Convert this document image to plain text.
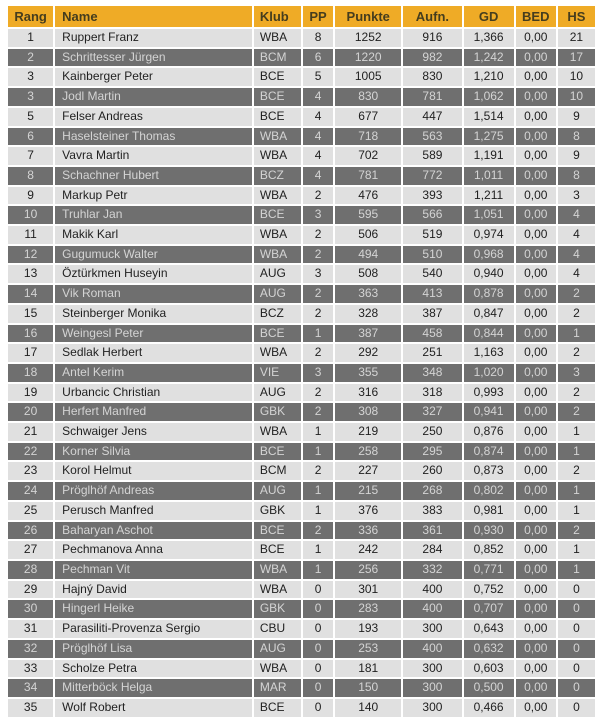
Rang	Name	Klub	PP	Punkte	Aufn.	GD	BED	HS
1	Ruppert Franz	WBA	8	1252	916	1,366	0,00	21
2	Schrittesser Jürgen	BCM	6	1220	982	1,242	0,00	17
3	Kainberger Peter	BCE	5	1005	830	1,210	0,00	10
3	Jodl Martin	BCE	4	830	781	1,062	0,00	10
5	Felser Andreas	BCE	4	677	447	1,514	0,00	9
6	Haselsteiner Thomas	WBA	4	718	563	1,275	0,00	8
7	Vavra Martin	WBA	4	702	589	1,191	0,00	9
8	Schachner Hubert	BCZ	4	781	772	1,011	0,00	8
9	Markup Petr	WBA	2	476	393	1,211	0,00	3
10	Truhlar Jan	BCE	3	595	566	1,051	0,00	4
11	Makik Karl	WBA	2	506	519	0,974	0,00	4
12	Gugumuck Walter	WBA	2	494	510	0,968	0,00	4
13	Öztürkmen Huseyin	AUG	3	508	540	0,940	0,00	4
14	Vik Roman	AUG	2	363	413	0,878	0,00	2
15	Steinberger Monika	BCZ	2	328	387	0,847	0,00	2
16	Weingesl Peter	BCE	1	387	458	0,844	0,00	1
17	Sedlak Herbert	WBA	2	292	251	1,163	0,00	2
18	Antel Kerim	VIE	3	355	348	1,020	0,00	3
19	Urbancic Christian	AUG	2	316	318	0,993	0,00	2
20	Herfert Manfred	GBK	2	308	327	0,941	0,00	2
21	Schwaiger Jens	WBA	1	219	250	0,876	0,00	1
22	Korner Silvia	BCE	1	258	295	0,874	0,00	1
23	Korol Helmut	BCM	2	227	260	0,873	0,00	2
24	Pröglhöf Andreas	AUG	1	215	268	0,802	0,00	1
25	Perusch Manfred	GBK	1	376	383	0,981	0,00	1
26	Baharyan Aschot	BCE	2	336	361	0,930	0,00	2
27	Pechmanova Anna	BCE	1	242	284	0,852	0,00	1
28	Pechman Vit	WBA	1	256	332	0,771	0,00	1
29	Hajný David	WBA	0	301	400	0,752	0,00	0
30	Hingerl Heike	GBK	0	283	400	0,707	0,00	0
31	Parasiliti-Provenza Sergio	CBU	0	193	300	0,643	0,00	0
32	Pröglhöf Lisa	AUG	0	253	400	0,632	0,00	0
33	Scholze Petra	WBA	0	181	300	0,603	0,00	0
34	Mitterböck Helga	MAR	0	150	300	0,500	0,00	0
35	Wolf Robert	BCE	0	140	300	0,466	0,00	0
